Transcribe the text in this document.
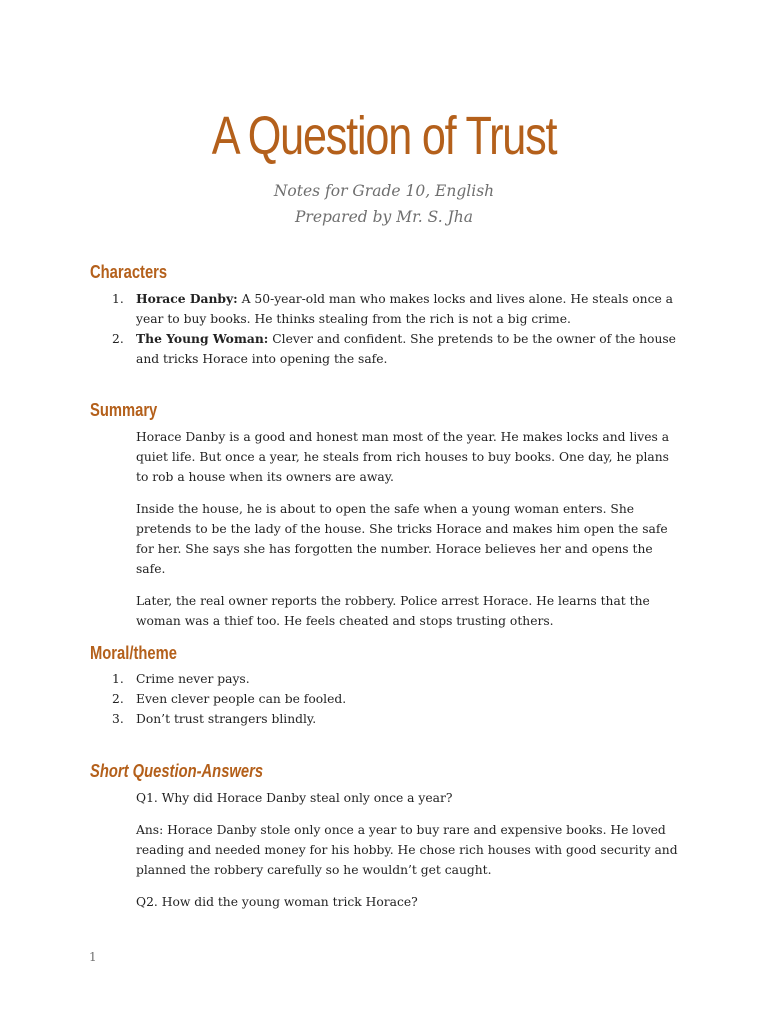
A Question of Trust
Notes for Grade 10, English
Prepared by Mr. S. Jha
Characters
1. Horace Danby: A 50-year-old man who makes locks and lives alone. He steals once a year to buy books. He thinks stealing from the rich is not a big crime.
2. The Young Woman: Clever and confident. She pretends to be the owner of the house and tricks Horace into opening the safe.
Summary

Horace Danby is a good and honest man most of the year. He makes locks and lives a quiet life. But once a year, he steals from rich houses to buy books. One day, he plans to rob a house when its owners are away.

Inside the house, he is about to open the safe when a young woman enters. She pretends to be the lady of the house. She tricks Horace and makes him open the safe for her. She says she has forgotten the number. Horace believes her and opens the safe.

Later, the real owner reports the robbery. Police arrest Horace. He learns that the woman was a thief too. He feels cheated and stops trusting others.

Moral/theme
1. Crime never pays.
2. Even clever people can be fooled.
3. Don’t trust strangers blindly.
Short Question-Answers

Q1. Why did Horace Danby steal only once a year?

Ans: Horace Danby stole only once a year to buy rare and expensive books. He loved reading and needed money for his hobby. He chose rich houses with good security and planned the robbery carefully so he wouldn’t get caught.

Q2. How did the young woman trick Horace?

1
